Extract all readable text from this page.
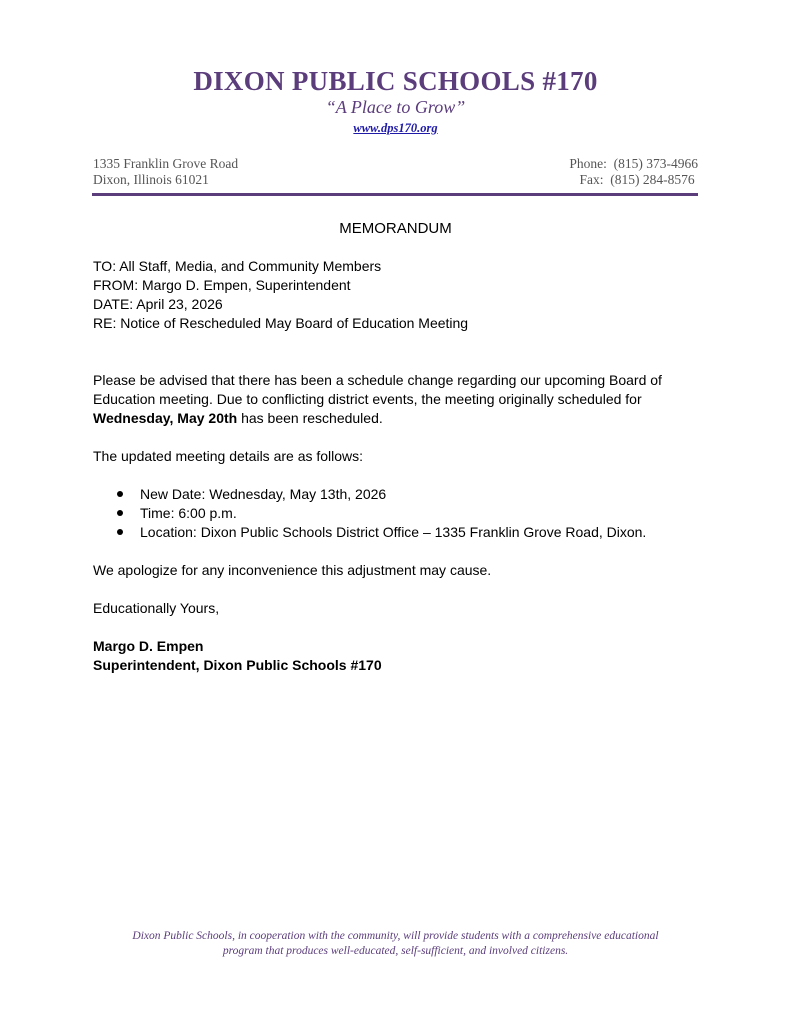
DIXON PUBLIC SCHOOLS #170
“A Place to Grow”
www.dps170.org
1335 Franklin Grove Road
Dixon, Illinois 61021
Phone:  (815) 373-4966
Fax:  (815) 284-8576
MEMORANDUM

TO: All Staff, Media, and Community Members

FROM: Margo D. Empen, Superintendent

DATE: April 23, 2026

RE: Notice of Rescheduled May Board of Education Meeting

Please be advised that there has been a schedule change regarding our upcoming Board of Education meeting. Due to conflicting district events, the meeting originally scheduled for Wednesday, May 20th has been rescheduled.

The updated meeting details are as follows:

New Date: Wednesday, May 13th, 2026
Time: 6:00 p.m.
Location: Dixon Public Schools District Office – 1335 Franklin Grove Road, Dixon.

We apologize for any inconvenience this adjustment may cause.

Educationally Yours,

Margo D. Empen

Superintendent, Dixon Public Schools #170

Dixon Public Schools, in cooperation with the community, will provide students with a comprehensive educational
program that produces well-educated, self-sufficient, and involved citizens.
